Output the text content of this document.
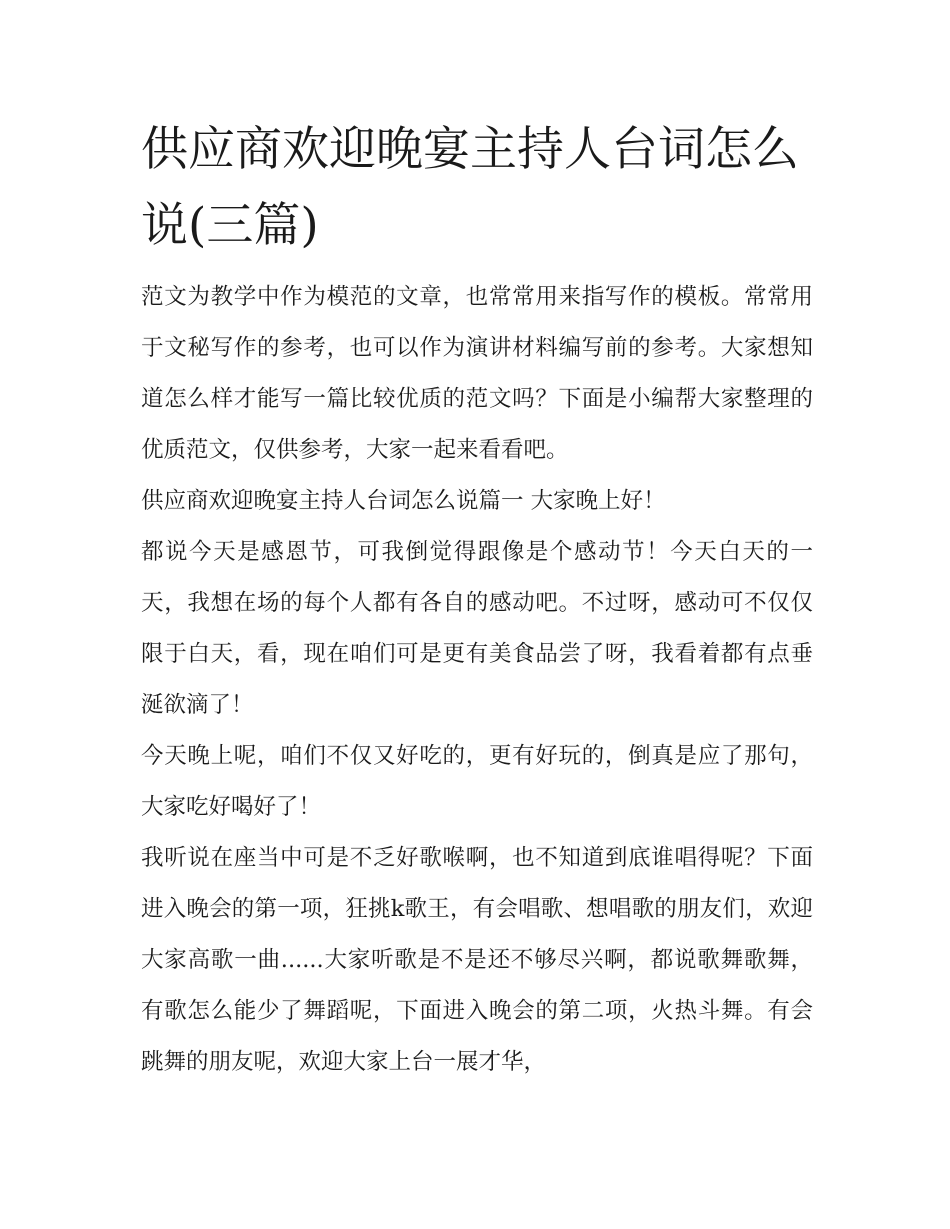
供应商欢迎晚宴主持人台词怎么说(三篇)

范文为教学中作为模范的文章，也常常用来指写作的模板。常常用于文秘写作的参考，也可以作为演讲材料编写前的参考。大家想知道怎么样才能写一篇比较优质的范文吗？下面是小编帮大家整理的优质范文，仅供参考，大家一起来看看吧。

供应商欢迎晚宴主持人台词怎么说篇一 大家晚上好！

都说今天是感恩节，可我倒觉得跟像是个感动节！今天白天的一天，我想在场的每个人都有各自的感动吧。不过呀，感动可不仅仅限于白天，看，现在咱们可是更有美食品尝了呀，我看着都有点垂涎欲滴了！

今天晚上呢，咱们不仅又好吃的，更有好玩的，倒真是应了那句，大家吃好喝好了！

我听说在座当中可是不乏好歌喉啊，也不知道到底谁唱得呢？下面进入晚会的第一项，狂挑k歌王，有会唱歌、想唱歌的朋友们，欢迎大家高歌一曲......大家听歌是不是还不够尽兴啊，都说歌舞歌舞，有歌怎么能少了舞蹈呢，下面进入晚会的第二项，火热斗舞。有会跳舞的朋友呢，欢迎大家上台一展才华，
